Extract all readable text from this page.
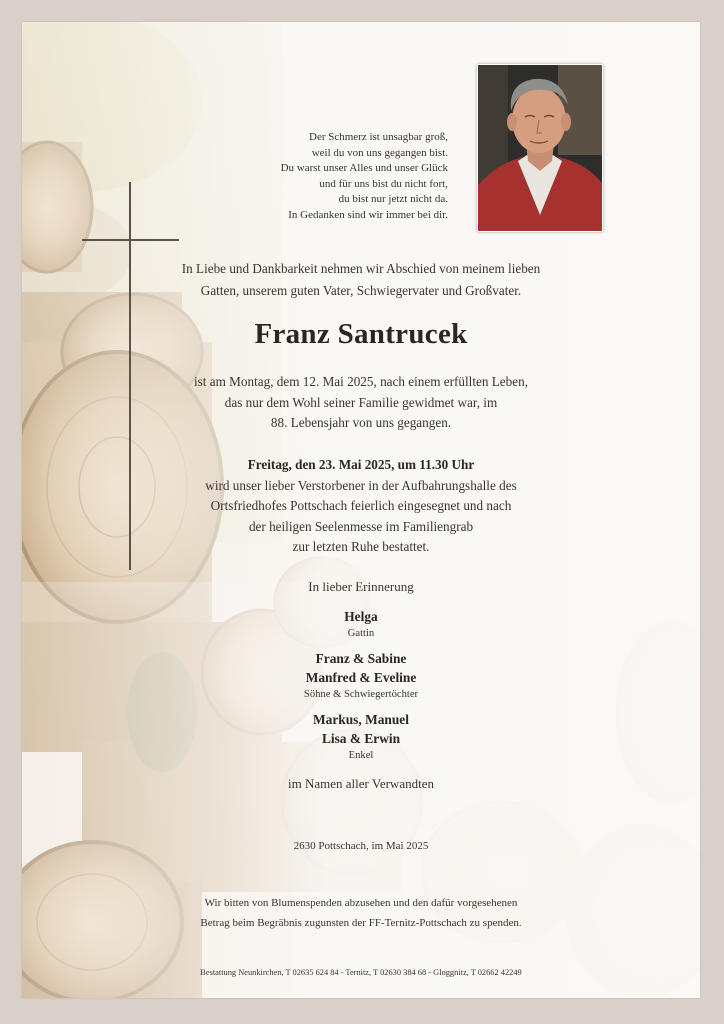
Der Schmerz ist unsagbar groß,
weil du von uns gegangen bist.
Du warst unser Alles und unser Glück
und für uns bist du nicht fort,
du bist nur jetzt nicht da.
In Gedanken sind wir immer bei dir.
In Liebe und Dankbarkeit nehmen wir Abschied von meinem lieben
Gatten, unserem guten Vater, Schwiegervater und Großvater.
Franz Santrucek
ist am Montag, dem 12. Mai 2025, nach einem erfüllten Leben,
das nur dem Wohl seiner Familie gewidmet war, im
88. Lebensjahr von uns gegangen.
Freitag, den 23. Mai 2025, um 11.30 Uhr
wird unser lieber Verstorbener in der Aufbahrungshalle des
Ortsfriedhofes Pottschach feierlich eingesegnet und nach
der heiligen Seelenmesse im Familiengrab
zur letzten Ruhe bestattet.
In lieber Erinnerung
Helga
Gattin
Franz & Sabine
Manfred & Eveline
Söhne & Schwiegertöchter
Markus, Manuel
Lisa & Erwin
Enkel
im Namen aller Verwandten
2630 Pottschach, im Mai 2025
Wir bitten von Blumenspenden abzusehen und den dafür vorgesehenen
Betrag beim Begräbnis zugunsten der FF-Ternitz-Pottschach zu spenden.
Bestattung Neunkirchen, T 02635 624 84 - Ternitz, T 02630 384 68 - Gloggnitz, T 02662 42249
